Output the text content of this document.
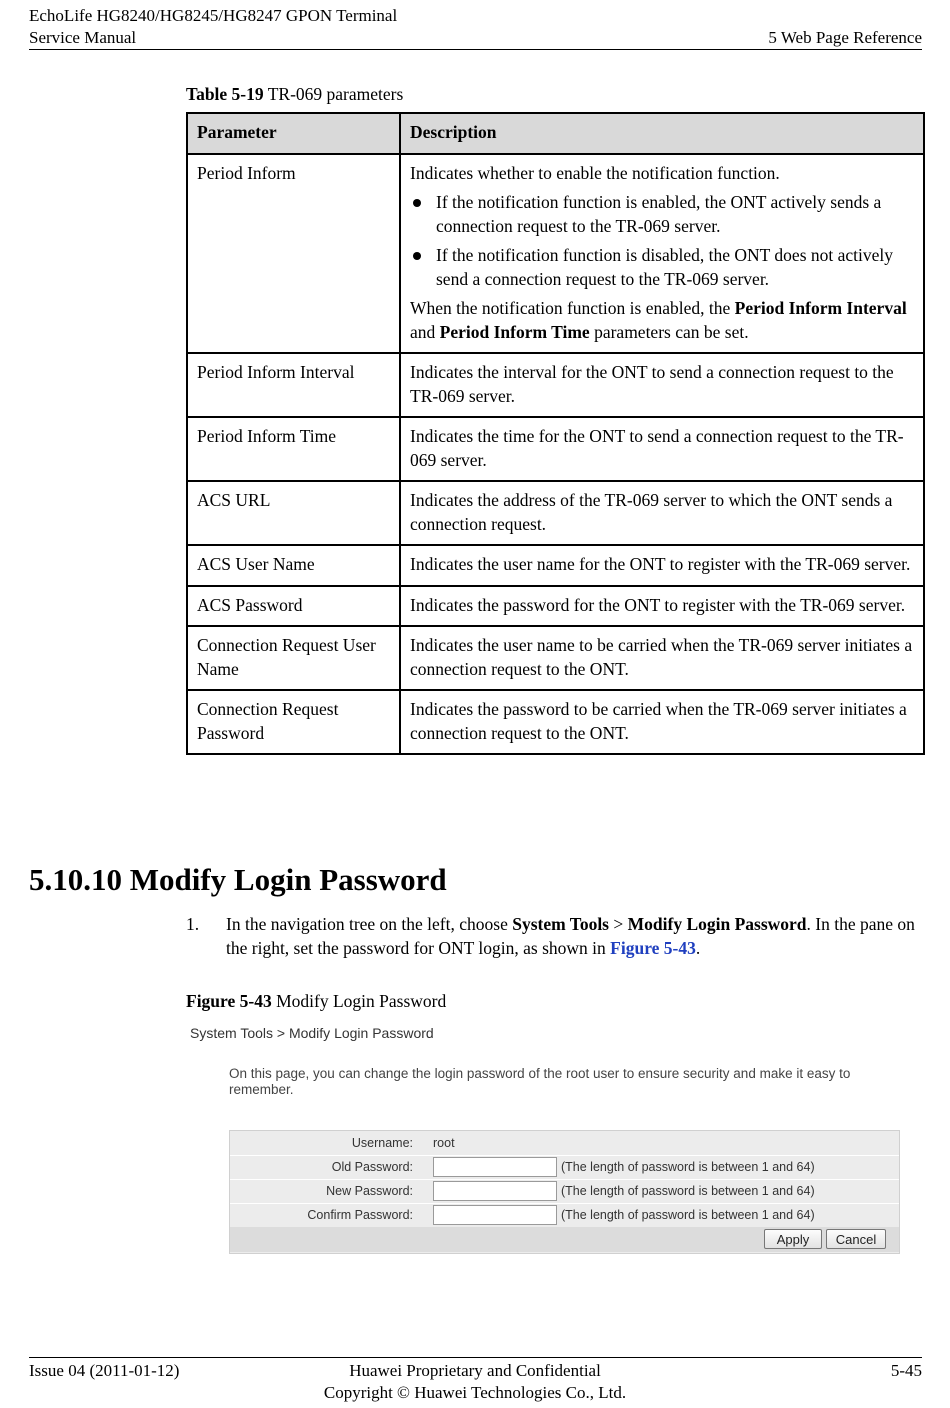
EchoLife HG8240/HG8245/HG8247 GPON Terminal
Service Manual	5 Web Page Reference
Table 5-19 TR-069 parameters
Parameter	Description
Period Inform	Indicates whether to enable the notification function.

If the notification function is enabled, the ONT actively sends a connection request to the TR-069 server.
If the notification function is disabled, the ONT does not actively send a connection request to the TR-069 server.

When the notification function is enabled, the Period Inform Interval and Period Inform Time parameters can be set.

Period Inform Interval	Indicates the interval for the ONT to send a connection request to the TR-069 server.
Period Inform Time	Indicates the time for the ONT to send a connection request to the TR-069 server.
ACS URL	Indicates the address of the TR-069 server to which the ONT sends a connection request.
ACS User Name	Indicates the user name for the ONT to register with the TR-069 server.
ACS Password	Indicates the password for the ONT to register with the TR-069 server.
Connection Request User Name	Indicates the user name to be carried when the TR-069 server initiates a connection request to the ONT.
Connection Request Password	Indicates the password to be carried when the TR-069 server initiates a connection request to the ONT.
5.10.10 Modify Login Password
1. In the navigation tree on the left, choose System Tools > Modify Login Password. In the pane on the right, set the password for ONT login, as shown in Figure 5-43.
Figure 5-43 Modify Login Password
System Tools > Modify Login Password
On this page, you can change the login password of the root user to ensure security and make it easy to remember.
Username: root
Old Password:	(The length of password is between 1 and 64)
New Password:	(The length of password is between 1 and 64)
Confirm Password:	(The length of password is between 1 and 64)
Apply	Cancel
Issue 04 (2011-01-12)	Huawei Proprietary and Confidential
Copyright © Huawei Technologies Co., Ltd.
5-45
